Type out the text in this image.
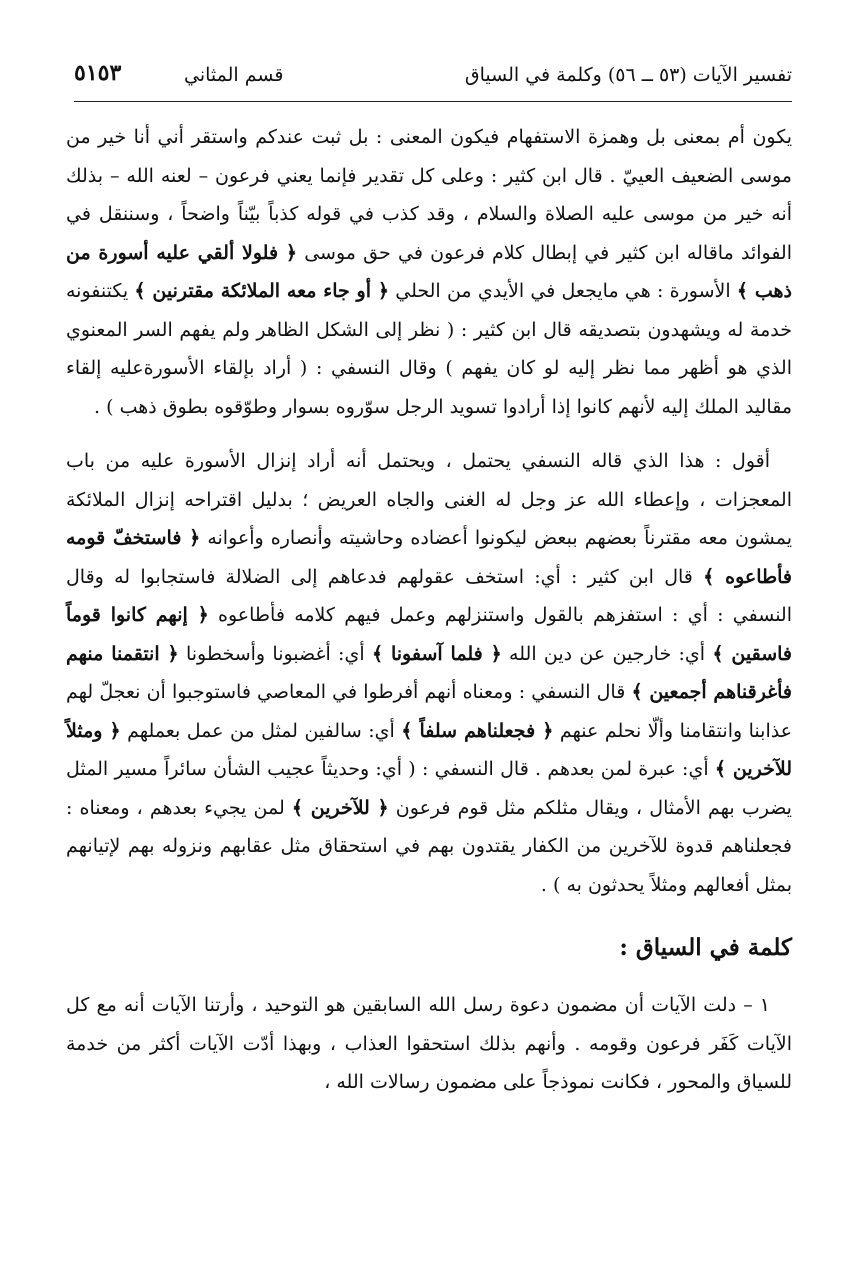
تفسير الآيات (٥٣ ــ ٥٦) وكلمة في السياق
قسم المثاني
٥١٥٣

يكون أم بمعنى بل وهمزة الاستفهام فيكون المعنى : بل ثبت عندكم واستقر أني أنا خير من موسى الضعيف العييّ . قال ابن كثير : وعلى كل تقدير فإنما يعني فرعون – لعنه الله – بذلك أنه خير من موسى عليه الصلاة والسلام ، وقد كذب في قوله كذباً بيّناً واضحاً ، وسننقل في الفوائد ماقاله ابن كثير في إبطال كلام فرعون في حق موسى ﴿ فلولا ألقي عليه أسورة من ذهب ﴾ الأسورة : هي مايجعل في الأيدي من الحلي ﴿ أو جاء معه الملائكة مقترنين ﴾ يكتنفونه خدمة له ويشهدون بتصديقه قال ابن كثير : ( نظر إلى الشكل الظاهر ولم يفهم السر المعنوي الذي هو أظهر مما نظر إليه لو كان يفهم ) وقال النسفي : ( أراد بإلقاء الأسورةعليه إلقاء مقاليد الملك إليه لأنهم كانوا إذا أرادوا تسويد الرجل سوّروه بسوار وطوّقوه بطوق ذهب ) .

أقول : هذا الذي قاله النسفي يحتمل ، ويحتمل أنه أراد إنزال الأسورة عليه من باب المعجزات ، وإعطاء الله عز وجل له الغنى والجاه العريض ؛ بدليل اقتراحه إنزال الملائكة يمشون معه مقترناً بعضهم ببعض ليكونوا أعضاده وحاشيته وأنصاره وأعوانه ﴿ فاستخفّ قومه فأطاعوه ﴾ قال ابن كثير : أي: استخف عقولهم فدعاهم إلى الضلالة فاستجابوا له وقال النسفي : أي : استفزهم بالقول واستنزلهم وعمل فيهم كلامه فأطاعوه ﴿ إنهم كانوا قوماً فاسقين ﴾ أي: خارجين عن دين الله ﴿ فلما آسفونا ﴾ أي: أغضبونا وأسخطونا ﴿ انتقمنا منهم فأغرقناهم أجمعين ﴾ قال النسفي : ومعناه أنهم أفرطوا في المعاصي فاستوجبوا أن نعجلّ لهم عذابنا وانتقامنا وألّا نحلم عنهم ﴿ فجعلناهم سلفاً ﴾ أي: سالفين لمثل من عمل بعملهم ﴿ ومثلاً للآخرين ﴾ أي: عبرة لمن بعدهم . قال النسفي : ( أي: وحديثاً عجيب الشأن سائراً مسير المثل يضرب بهم الأمثال ، ويقال مثلكم مثل قوم فرعون ﴿ للآخرين ﴾ لمن يجيء بعدهم ، ومعناه : فجعلناهم قدوة للآخرين من الكفار يقتدون بهم في استحقاق مثل عقابهم ونزوله بهم لإتيانهم بمثل أفعالهم ومثلاً يحدثون به ) .

كلمة في السياق :

١ – دلت الآيات أن مضمون دعوة رسل الله السابقين هو التوحيد ، وأرتنا الآيات أنه مع كل الآيات كَفَر فرعون وقومه . وأنهم بذلك استحقوا العذاب ، وبهذا أدّت الآيات أكثر من خدمة للسياق والمحور ، فكانت نموذجاً على مضمون رسالات الله ،
